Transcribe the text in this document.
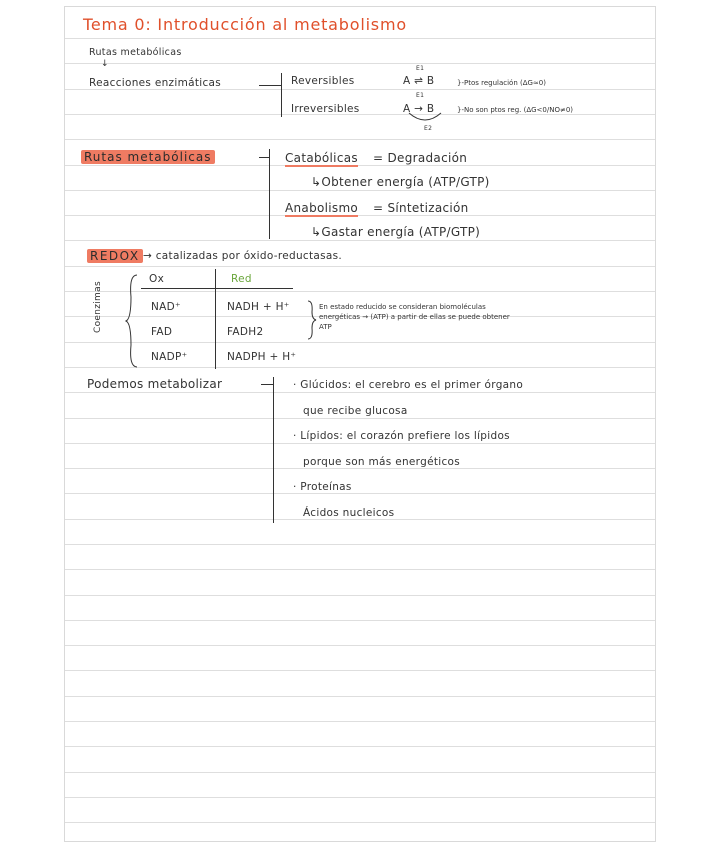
Tema 0: Introducción al metabolismo
Rutas metabólicas
↓
Reacciones enzimáticas	Reversibles
E1
A ⇌ B	}-Ptos regulación (ΔG≈0)
Irreversibles
E1
A → B	}-No son ptos reg. (ΔG<0/NO≠0)
E2
Rutas metabólicas	Catabólicas = Degradación
↳Obtener energía (ATP/GTP)
Anabolismo = Síntetización
↳Gastar energía (ATP/GTP)
REDOX → catalizadas por óxido-reductasas.
Coenzimas
Ox	Red
NAD⁺	NADH + H⁺
FAD	FADH2
NADP⁺	NADPH + H⁺
En estado reducido se consideran biomoléculas
energéticas → (ATP) a partir de ellas se puede obtener
ATP
Podemos metabolizar	· Glúcidos: el cerebro es el primer órgano
que recibe glucosa
· Lípidos: el corazón prefiere los lípidos
porque son más energéticos
· Proteínas
Ácidos nucleicos
